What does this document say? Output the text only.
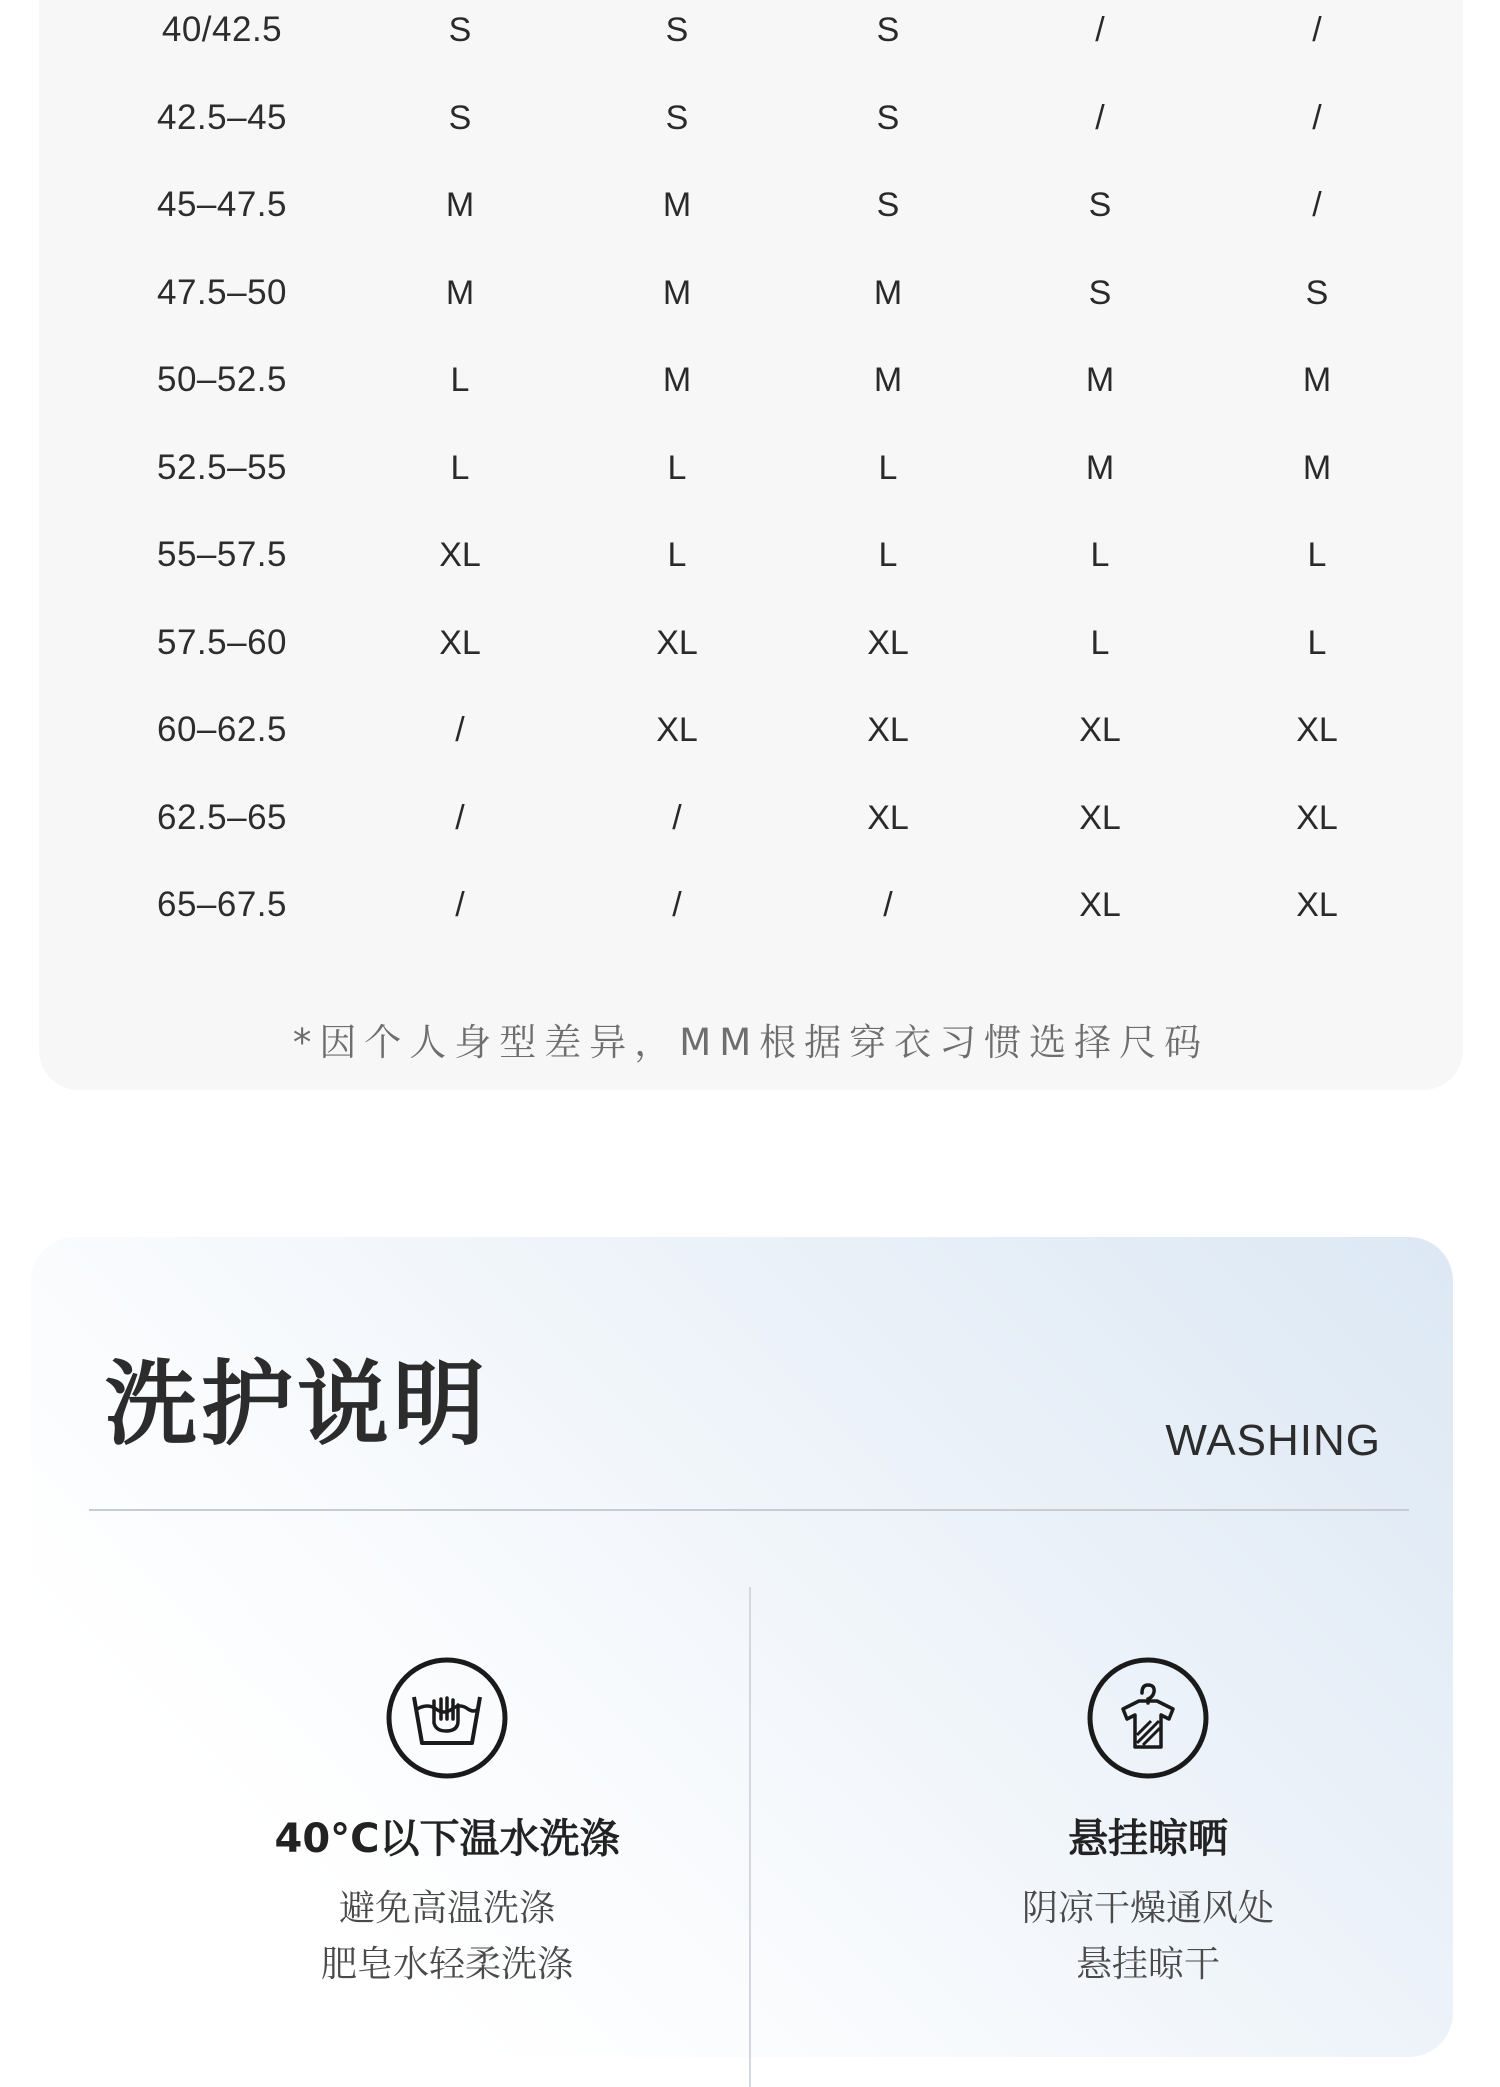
40/42.5	S	S	S	/	/
42.5–45	S	S	S	/	/
45–47.5	M	M	S	S	/
47.5–50	M	M	M	S	S
50–52.5	L	M	M	M	M
52.5–55	L	L	L	M	M
55–57.5	XL	L	L	L	L
57.5–60	XL	XL	XL	L	L
60–62.5	/	XL	XL	XL	XL
62.5–65	/	/	XL	XL	XL
65–67.5	/	/	/	XL	XL
*因个人身型差异，MM根据穿衣习惯选择尺码
洗护说明	WASHING
40°C以下温水洗涤
避免高温洗涤
肥皂水轻柔洗涤
悬挂晾晒
阴凉干燥通风处
悬挂晾干
